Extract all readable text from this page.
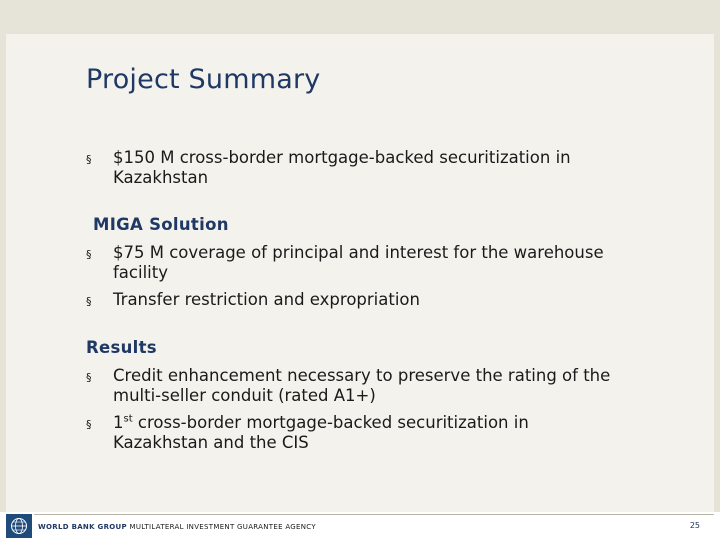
Project Summary
§ $150 M cross-border mortgage-backed securitization in Kazakhstan
MIGA Solution
§ $75 M coverage of principal and interest for the warehouse facility
§ Transfer restriction and expropriation
Results
§ Credit enhancement necessary to preserve the rating of the multi-seller conduit (rated A1+)
§ 1st cross-border mortgage-backed securitization in Kazakhstan and the CIS
WORLD BANK GROUP MULTILATERAL INVESTMENT GUARANTEE AGENCY	25
